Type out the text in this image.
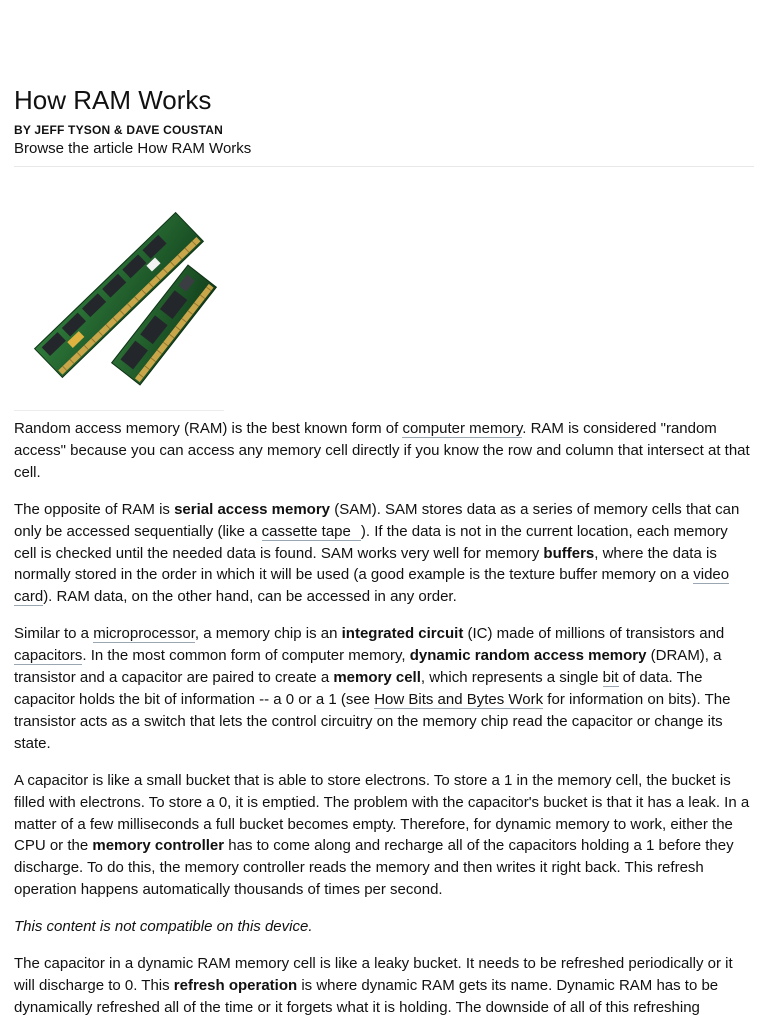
How RAM Works
BY JEFF TYSON & DAVE COUSTAN
Browse the article How RAM Works

Random access memory (RAM) is the best known form of computer memory. RAM is considered "random access" because you can access any memory cell directly if you know the row and column that intersect at that cell.

The opposite of RAM is serial access memory (SAM). SAM stores data as a series of memory cells that can only be accessed sequentially (like a cassette tape ). If the data is not in the current location, each memory cell is checked until the needed data is found. SAM works very well for memory buffers, where the data is normally stored in the order in which it will be used (a good example is the texture buffer memory on a video card). RAM data, on the other hand, can be accessed in any order.

Similar to a microprocessor, a memory chip is an integrated circuit (IC) made of millions of transistors and capacitors. In the most common form of computer memory, dynamic random access memory (DRAM), a transistor and a capacitor are paired to create a memory cell, which represents a single bit of data. The capacitor holds the bit of information -- a 0 or a 1 (see How Bits and Bytes Work for information on bits). The transistor acts as a switch that lets the control circuitry on the memory chip read the capacitor or change its state.

A capacitor is like a small bucket that is able to store electrons. To store a 1 in the memory cell, the bucket is filled with electrons. To store a 0, it is emptied. The problem with the capacitor's bucket is that it has a leak. In a matter of a few milliseconds a full bucket becomes empty. Therefore, for dynamic memory to work, either the CPU or the memory controller has to come along and recharge all of the capacitors holding a 1 before they discharge. To do this, the memory controller reads the memory and then writes it right back. This refresh operation happens automatically thousands of times per second.

This content is not compatible on this device.

The capacitor in a dynamic RAM memory cell is like a leaky bucket. It needs to be refreshed periodically or it will discharge to 0. This refresh operation is where dynamic RAM gets its name. Dynamic RAM has to be dynamically refreshed all of the time or it forgets what it is holding. The downside of all of this refreshing
